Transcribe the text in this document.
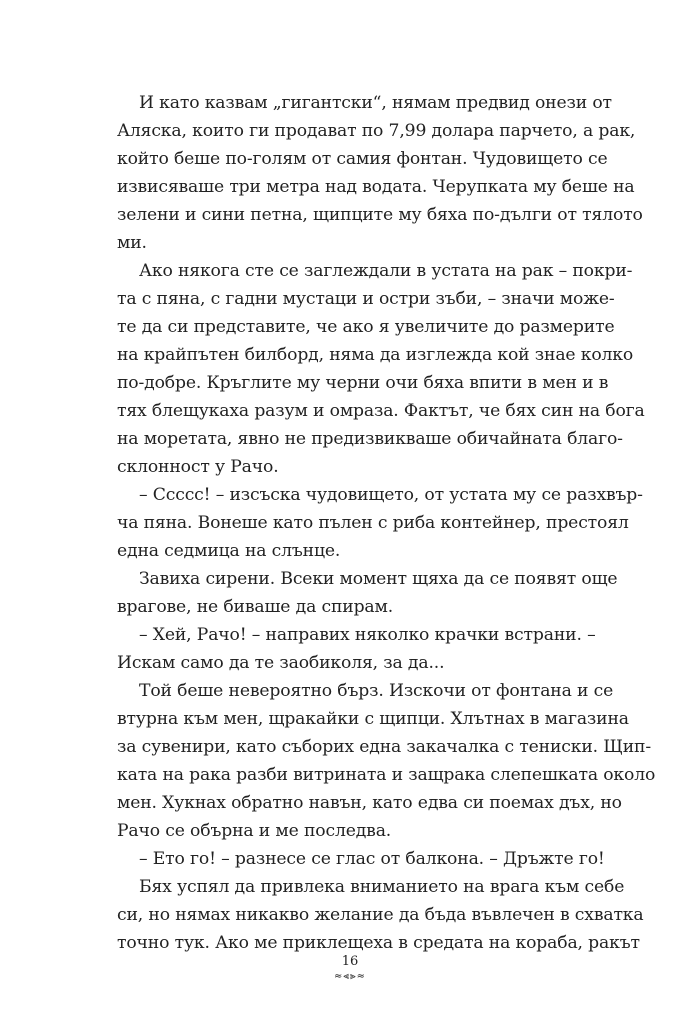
И като казвам „гигантски“, нямам предвид онези от
Аляска, които ги продават по 7,99 долара парчето, а рак,
който беше по-голям от самия фонтан. Чудовището се
извисяваше три метра над водата. Черупката му беше на
зелени и сини петна, щипците му бяха по-дълги от тялото
ми.
Ако някога сте се заглеждали в устата на рак – покри-
та с пяна, с гадни мустаци и остри зъби, – значи може-
те да си представите, че ако я увеличите до размерите
на крайпътен билборд, няма да изглежда кой знае колко
по-добре. Кръглите му черни очи бяха впити в мен и в
тях блещукаха разум и омраза. Фактът, че бях син на бога
на моретата, явно не предизвикваше обичайната благо-
склонност у Рачо.
– Сcccс! – изсъска чудовището, от устата му се разхвър-
ча пяна. Вонеше като пълен с риба контейнер, престоял
една седмица на слънце.
Завиха сирени. Всеки момент щяха да се появят още
врагове, не биваше да спирам.
– Хей, Рачо! – направих няколко крачки встрани. –
Искам само да те заобиколя, за да...
Той беше невероятно бърз. Изскочи от фонтана и се
втурна към мен, щракайки с щипци. Хлътнах в магазина
за сувенири, като съборих една закачалка с тениски. Щип-
ката на рака разби витрината и защрака слепешката около
мен. Хукнах обратно навън, като едва си поемах дъх, но
Рачо се обърна и ме последва.
– Ето го! – разнесе се глас от балкона. – Дръжте го!
Бях успял да привлека вниманието на врага към себе
си, но нямах никакво желание да бъда въвлечен в схватка
точно тук. Ако ме приклещеха в средата на кораба, ракът
16
≈⫷⫸≈
